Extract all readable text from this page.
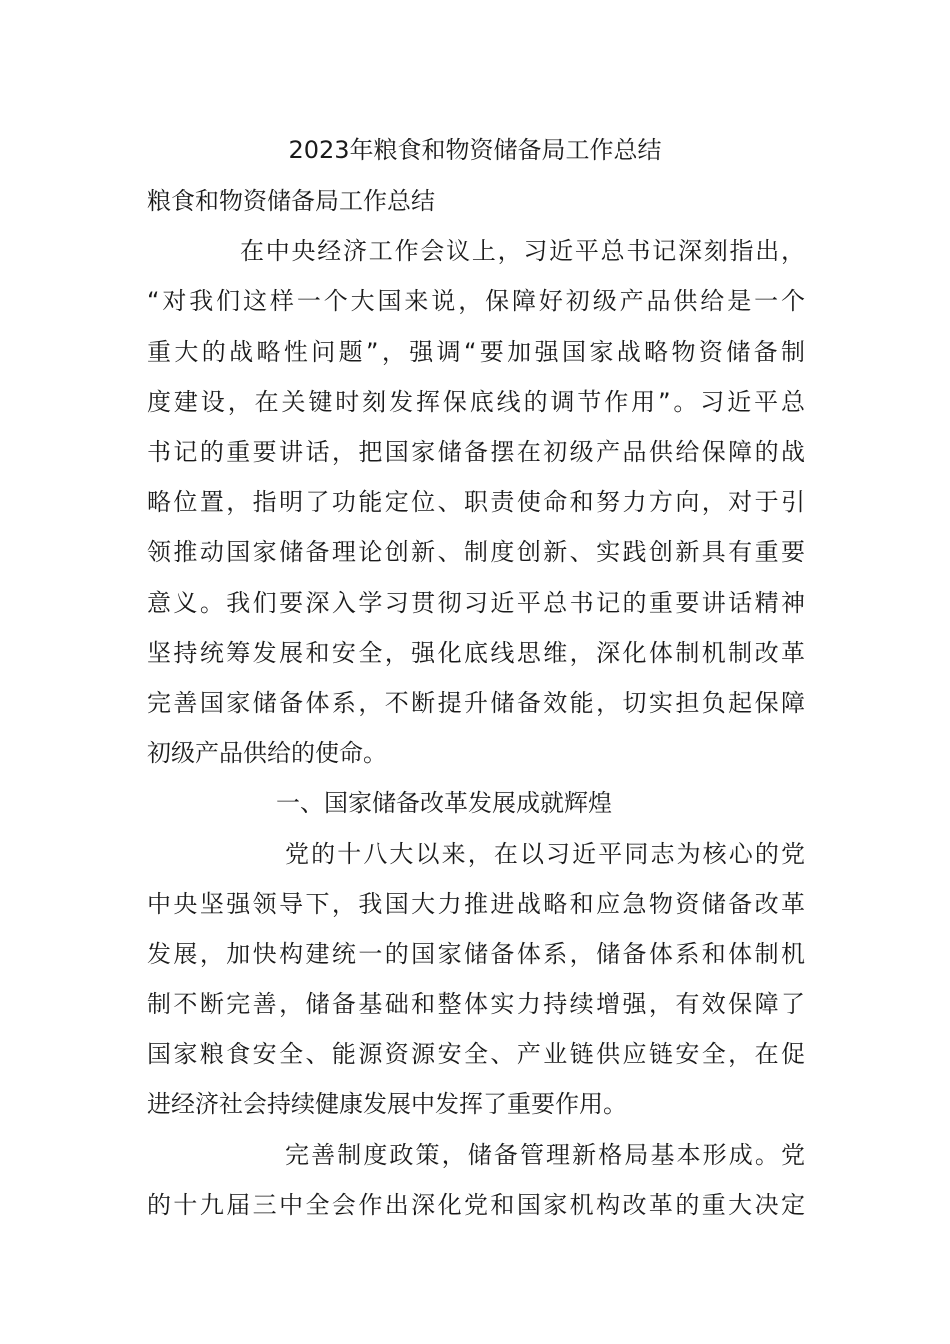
2023年粮食和物资储备局工作总结
粮食和物资储备局工作总结
在中央经济工作会议上，习近平总书记深刻指出，
“对我们这样一个大国来说，保障好初级产品供给是一个
重大的战略性问题”，强调“要加强国家战略物资储备制
度建设，在关键时刻发挥保底线的调节作用”。习近平总
书记的重要讲话，把国家储备摆在初级产品供给保障的战
略位置，指明了功能定位、职责使命和努力方向，对于引
领推动国家储备理论创新、制度创新、实践创新具有重要
意义。我们要深入学习贯彻习近平总书记的重要讲话精神
坚持统筹发展和安全，强化底线思维，深化体制机制改革
完善国家储备体系，不断提升储备效能，切实担负起保障
初级产品供给的使命。
一、国家储备改革发展成就辉煌
党的十八大以来，在以习近平同志为核心的党
中央坚强领导下，我国大力推进战略和应急物资储备改革
发展，加快构建统一的国家储备体系，储备体系和体制机
制不断完善，储备基础和整体实力持续增强，有效保障了
国家粮食安全、能源资源安全、产业链供应链安全，在促
进经济社会持续健康发展中发挥了重要作用。
完善制度政策，储备管理新格局基本形成。党
的十九届三中全会作出深化党和国家机构改革的重大决定
